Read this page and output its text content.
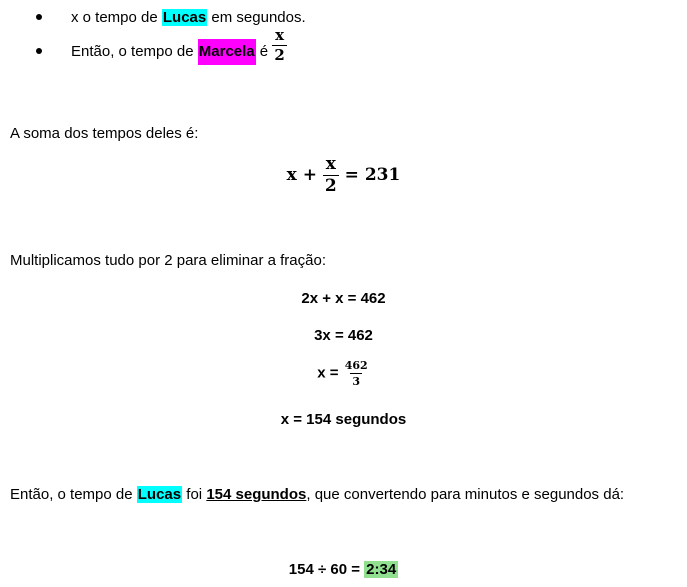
x o tempo de Lucas em segundos.
Então, o tempo de Marcela é $\frac{x}{2}$
A soma dos tempos deles é:
$x + \frac{x}{2} = 231$
Multiplicamos tudo por 2 para eliminar a fração:
2x + x = 462
3x = 462
$x = \frac{462}{3}$
x = 154 segundos
Então, o tempo de Lucas foi 154 segundos, que convertendo para minutos e segundos dá:
154 ÷ 60 = 2:34
